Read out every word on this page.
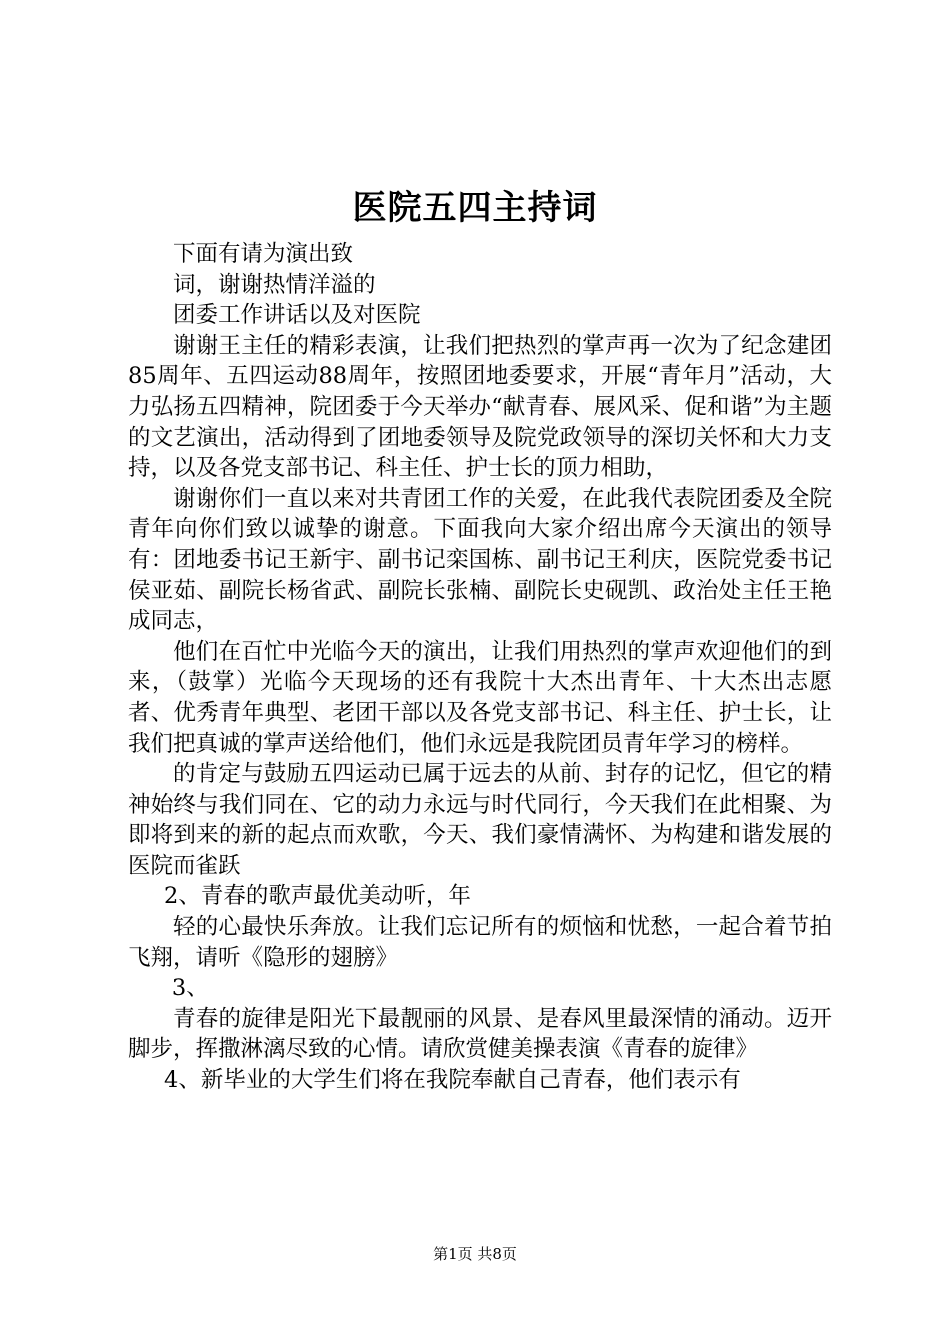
医院五四主持词

下面有请为演出致

词，谢谢热情洋溢的

团委工作讲话以及对医院

谢谢王主任的精彩表演，让我们把热烈的掌声再一次为了纪念建团85周年、五四运动88周年，按照团地委要求，开展“青年月”活动，大力弘扬五四精神，院团委于今天举办“献青春、展风采、促和谐”为主题的文艺演出，活动得到了团地委领导及院党政领导的深切关怀和大力支持，以及各党支部书记、科主任、护士长的顶力相助，

谢谢你们一直以来对共青团工作的关爱，在此我代表院团委及全院青年向你们致以诚挚的谢意。下面我向大家介绍出席今天演出的领导有：团地委书记王新宇、副书记栾国栋、副书记王利庆，医院党委书记侯亚茹、副院长杨省武、副院长张楠、副院长史砚凯、政治处主任王艳成同志，

他们在百忙中光临今天的演出，让我们用热烈的掌声欢迎他们的到来，（鼓掌）光临今天现场的还有我院十大杰出青年、十大杰出志愿者、优秀青年典型、老团干部以及各党支部书记、科主任、护士长，让我们把真诚的掌声送给他们，他们永远是我院团员青年学习的榜样。

的肯定与鼓励五四运动已属于远去的从前、封存的记忆，但它的精神始终与我们同在、它的动力永远与时代同行，今天我们在此相聚、为即将到来的新的起点而欢歌，今天、我们豪情满怀、为构建和谐发展的医院而雀跃

2、青春的歌声最优美动听，年

轻的心最快乐奔放。让我们忘记所有的烦恼和忧愁，一起合着节拍飞翔，请听《隐形的翅膀》

3、

青春的旋律是阳光下最靓丽的风景、是春风里最深情的涌动。迈开脚步，挥撒淋漓尽致的心情。请欣赏健美操表演《青春的旋律》

4、新毕业的大学生们将在我院奉献自己青春，他们表示有

第1页 共8页
